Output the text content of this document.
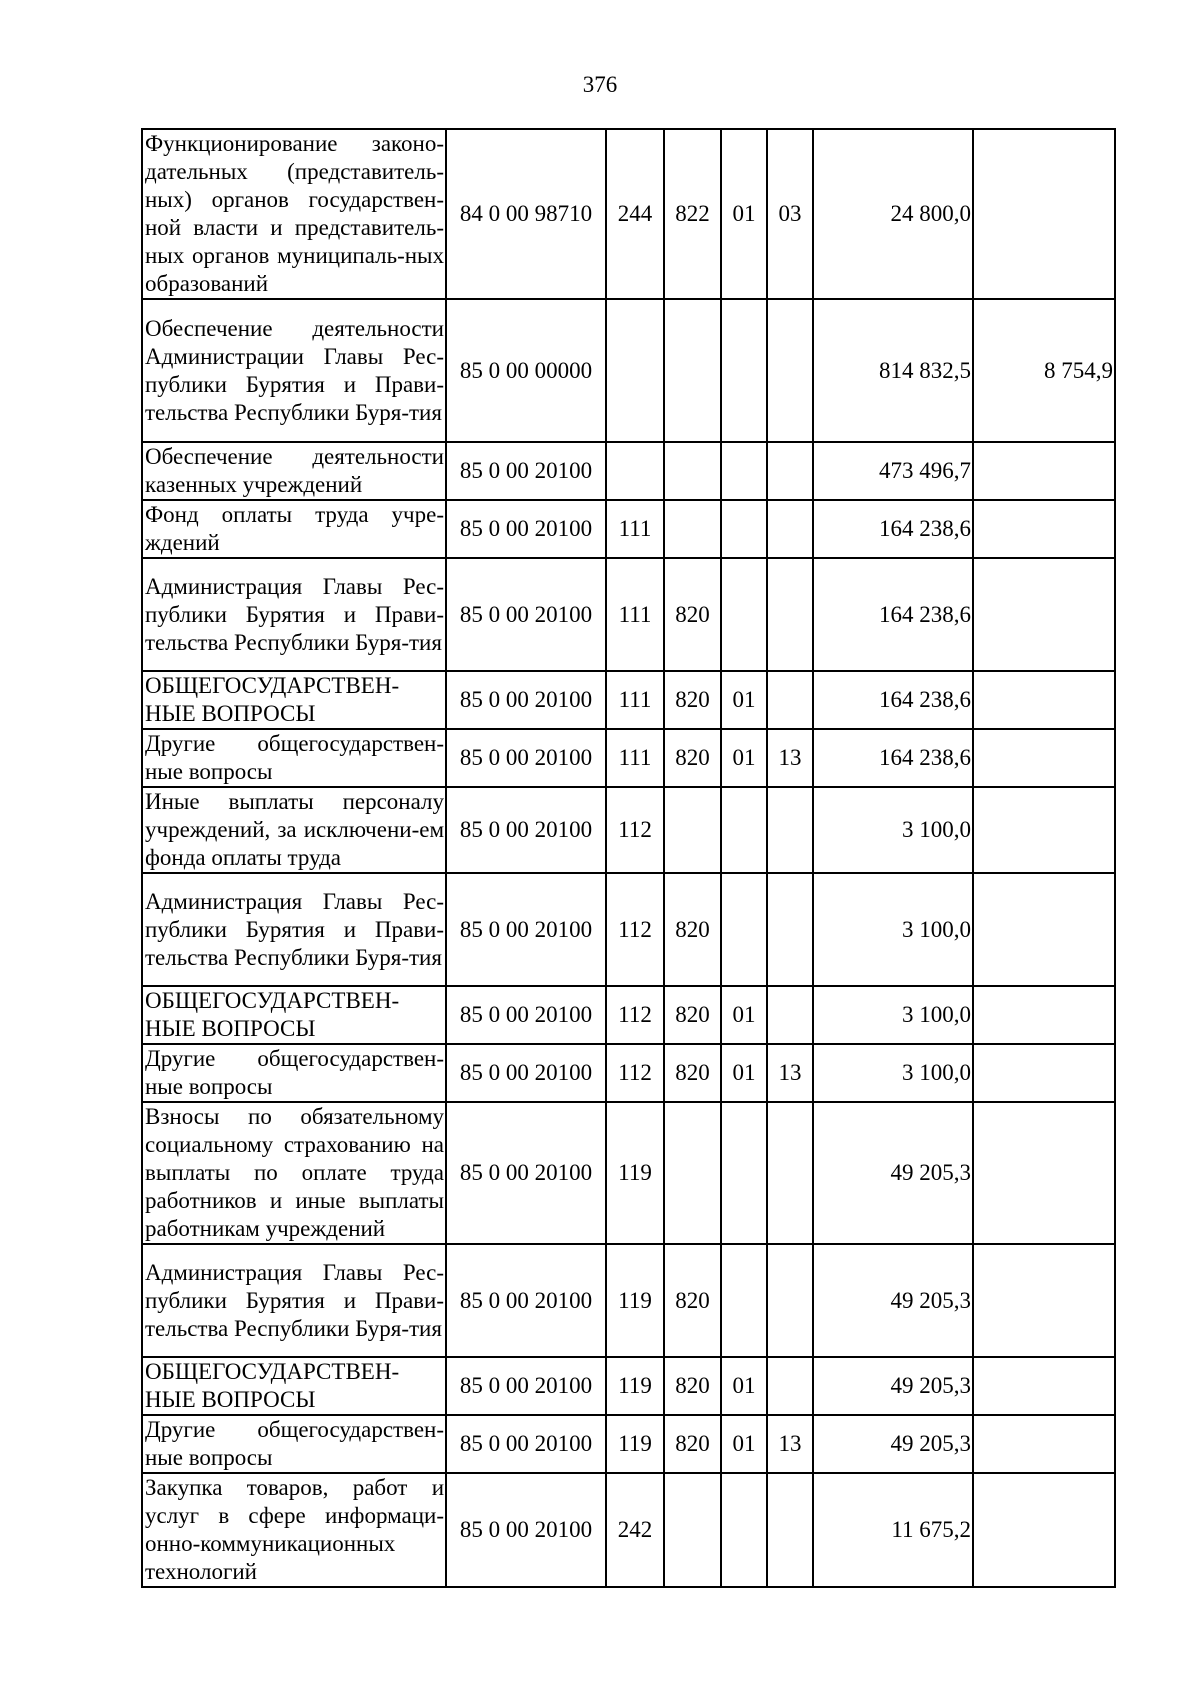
376
Функционирование законо-дательных (представитель-ных) органов государствен-ной власти и представитель-ных органов муниципаль-ных образований	84 0 00 98710	244	822	01	03	24 800,0	
Обеспечение деятельности Администрации Главы Рес-публики Бурятия и Прави-тельства Республики Буря-тия	85 0 00 00000					814 832,5	8 754,9
Обеспечение деятельности казенных учреждений	85 0 00 20100					473 496,7	
Фонд оплаты труда учре-ждений	85 0 00 20100	111				164 238,6	
Администрация Главы Рес-публики Бурятия и Прави-тельства Республики Буря-тия	85 0 00 20100	111	820			164 238,6	
ОБЩЕГОСУДАРСТВЕН-НЫЕ ВОПРОСЫ	85 0 00 20100	111	820	01		164 238,6	
Другие общегосударствен-ные вопросы	85 0 00 20100	111	820	01	13	164 238,6	
Иные выплаты персоналу учреждений, за исключени-ем фонда оплаты труда	85 0 00 20100	112				3 100,0	
Администрация Главы Рес-публики Бурятия и Прави-тельства Республики Буря-тия	85 0 00 20100	112	820			3 100,0	
ОБЩЕГОСУДАРСТВЕН-НЫЕ ВОПРОСЫ	85 0 00 20100	112	820	01		3 100,0	
Другие общегосударствен-ные вопросы	85 0 00 20100	112	820	01	13	3 100,0	
Взносы по обязательному социальному страхованию на выплаты по оплате труда работников и иные выплаты работникам учреждений	85 0 00 20100	119				49 205,3	
Администрация Главы Рес-публики Бурятия и Прави-тельства Республики Буря-тия	85 0 00 20100	119	820			49 205,3	
ОБЩЕГОСУДАРСТВЕН-НЫЕ ВОПРОСЫ	85 0 00 20100	119	820	01		49 205,3	
Другие общегосударствен-ные вопросы	85 0 00 20100	119	820	01	13	49 205,3	
Закупка товаров, работ и услуг в сфере информаци-онно-коммуникационных технологий	85 0 00 20100	242				11 675,2	
